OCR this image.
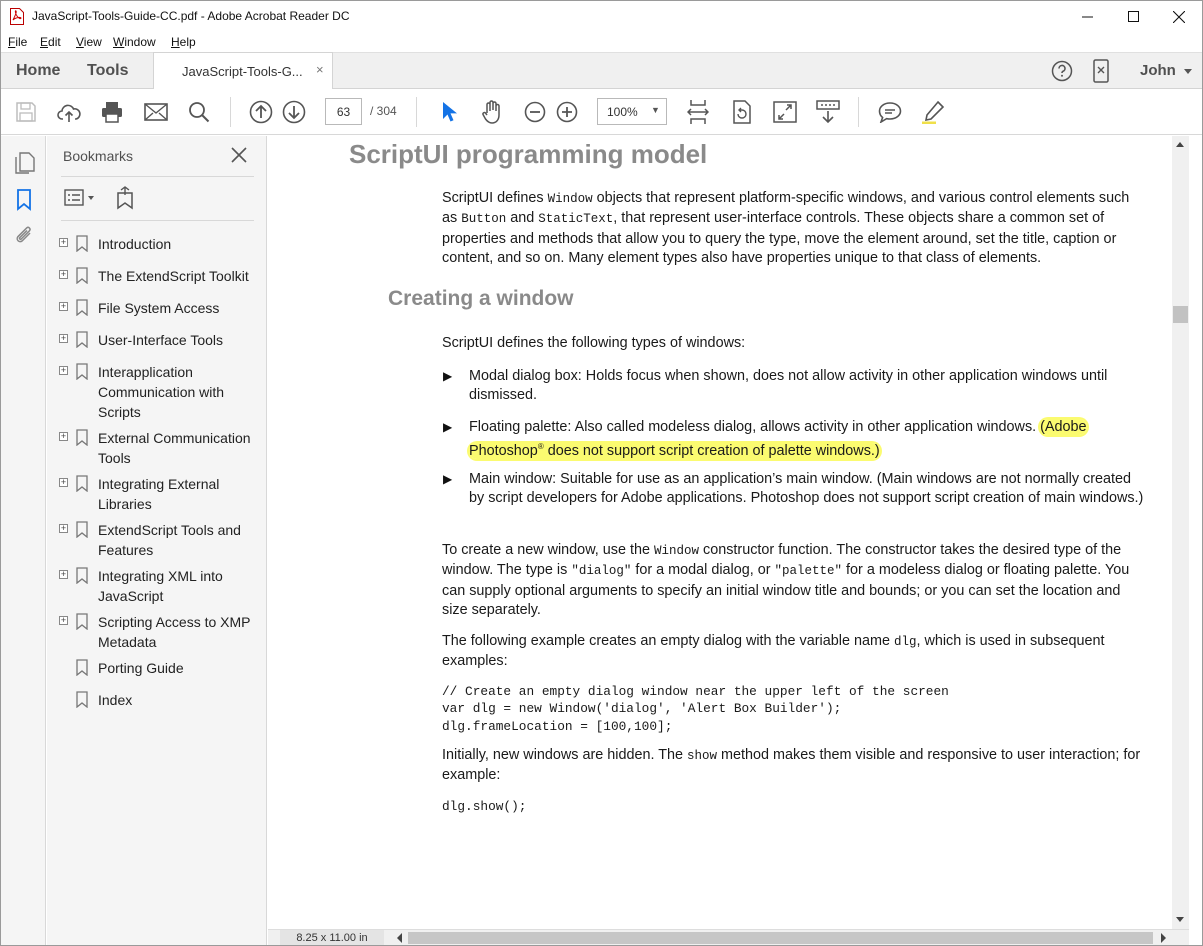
JavaScript-Tools-Guide-CC.pdf - Adobe Acrobat Reader DC
File Edit View Window Help
Home Tools	JavaScript-Tools-G... ×	John
63	/ 304	100% ▼
Bookmarks
+ Introduction
+ The ExtendScript Toolkit
+ File System Access
+ User-Interface Tools
+ Interapplication Communication with Scripts
+ External Communication Tools
+ Integrating External Libraries
+ ExtendScript Tools and Features
+ Integrating XML into JavaScript
+ Scripting Access to XMP Metadata
Porting Guide
Index
ScriptUI programming model
ScriptUI defines Window objects that represent platform-specific windows, and various control elements such as Button and StaticText, that represent user-interface controls. These objects share a common set of properties and methods that allow you to query the type, move the element around, set the title, caption or content, and so on. Many element types also have properties unique to that class of elements.
Creating a window
ScriptUI defines the following types of windows:
▶ Modal dialog box: Holds focus when shown, does not allow activity in other application windows until dismissed.
▶ Floating palette: Also called modeless dialog, allows activity in other application windows. (Adobe
Photoshop® does not support script creation of palette windows.)
▶ Main window: Suitable for use as an application’s main window. (Main windows are not normally created by script developers for Adobe applications. Photoshop does not support script creation of main windows.)
To create a new window, use the Window constructor function. The constructor takes the desired type of the window. The type is "dialog" for a modal dialog, or "palette" for a modeless dialog or floating palette. You can supply optional arguments to specify an initial window title and bounds; or you can set the location and size separately.
The following example creates an empty dialog with the variable name dlg, which is used in subsequent examples:
// Create an empty dialog window near the upper left of the screen
var dlg = new Window('dialog', 'Alert Box Builder');
dlg.frameLocation = [100,100];
Initially, new windows are hidden. The show method makes them visible and responsive to user interaction; for example:
dlg.show();
8.25 x 11.00 in
